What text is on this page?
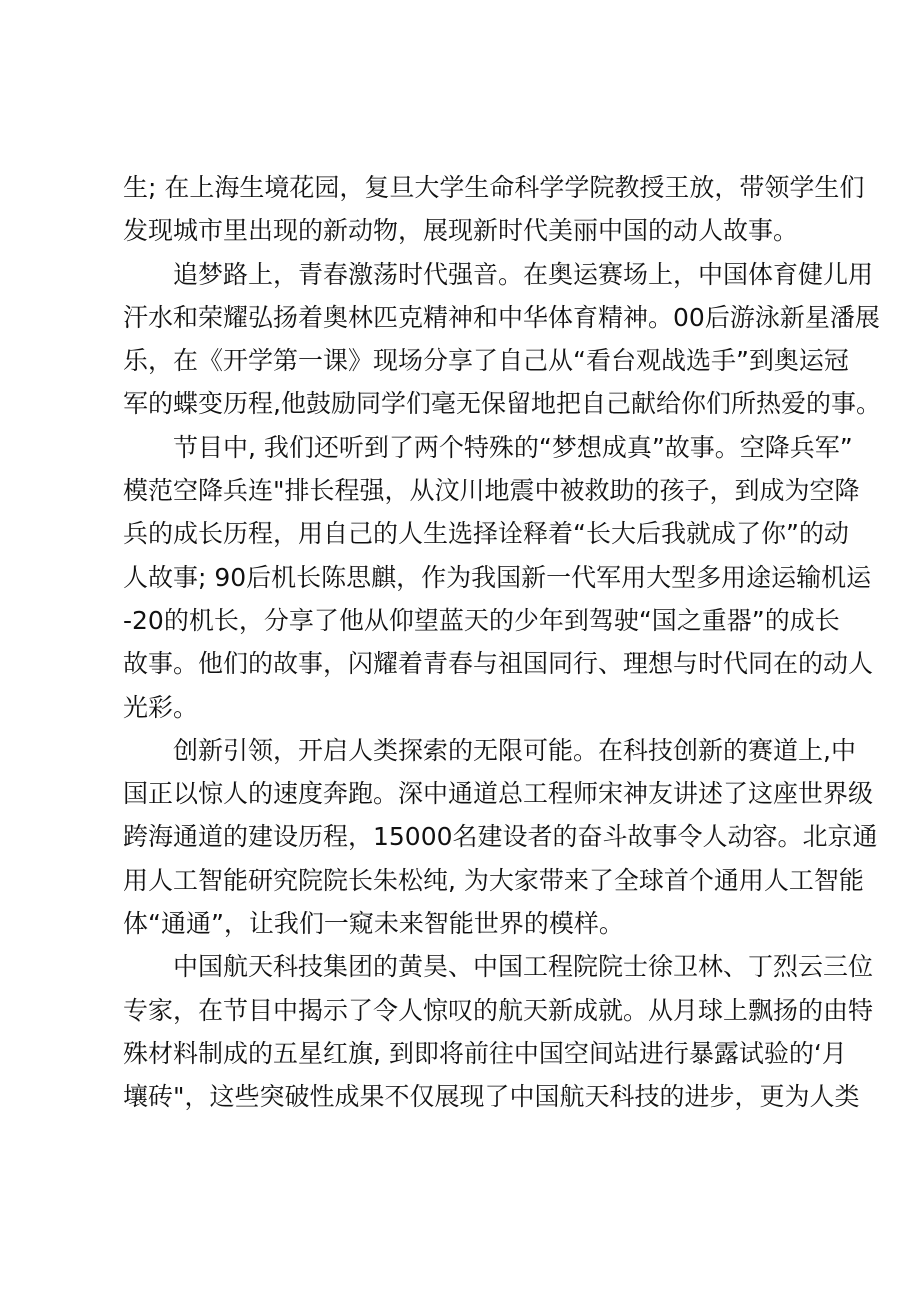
生; 在上海生境花园，复旦大学生命科学学院教授王放，带领学生们
发现城市里出现的新动物，展现新时代美丽中国的动人故事。
追梦路上，青春激荡时代强音。在奥运赛场上，中国体育健儿用
汗水和荣耀弘扬着奥林匹克精神和中华体育精神。00后游泳新星潘展
乐，在《开学第一课》现场分享了自己从“看台观战选手”到奥运冠
军的蝶变历程,他鼓励同学们毫无保留地把自己献给你们所热爱的事。
节目中, 我们还听到了两个特殊的“梦想成真”故事。空降兵军”
模范空降兵连"排长程强，从汶川地震中被救助的孩子，到成为空降
兵的成长历程，用自己的人生选择诠释着“长大后我就成了你”的动
人故事; 90后机长陈思麒，作为我国新一代军用大型多用途运输机运
-20的机长，分享了他从仰望蓝天的少年到驾驶“国之重器”的成长
故事。他们的故事，闪耀着青春与祖国同行、理想与时代同在的动人
光彩。
创新引领，开启人类探索的无限可能。在科技创新的赛道上,中
国正以惊人的速度奔跑。深中通道总工程师宋神友讲述了这座世界级
跨海通道的建设历程，15000名建设者的奋斗故事令人动容。北京通
用人工智能研究院院长朱松纯, 为大家带来了全球首个通用人工智能
体“通通”，让我们一窥未来智能世界的模样。
中国航天科技集团的黄昊、中国工程院院士徐卫林、丁烈云三位
专家，在节目中揭示了令人惊叹的航天新成就。从月球上飘扬的由特
殊材料制成的五星红旗, 到即将前往中国空间站进行暴露试验的‘月
壤砖"，这些突破性成果不仅展现了中国航天科技的进步，更为人类
